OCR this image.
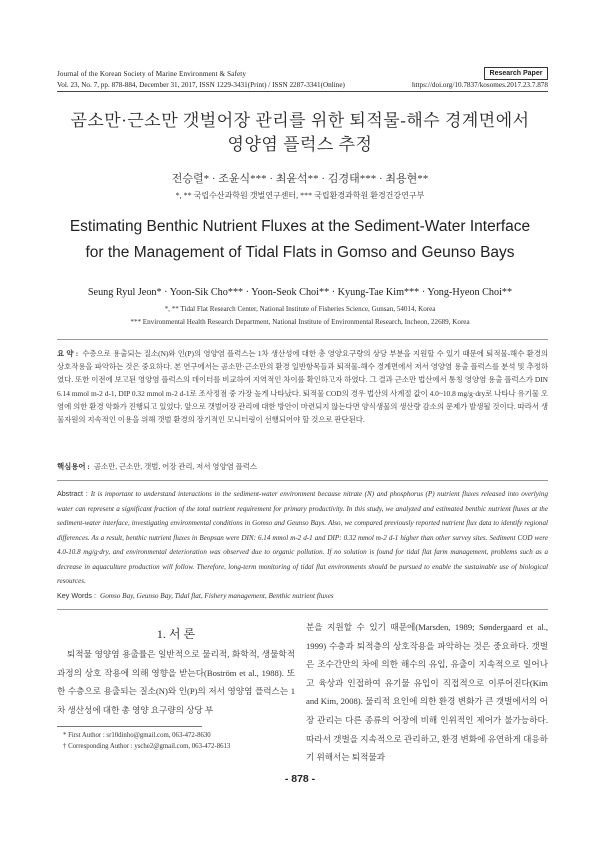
Journal of the Korean Society of Marine Environment & Safety	Research Paper
Vol. 23, No. 7, pp. 878-884, December 31, 2017, ISSN 1229-3431(Print) / ISSN 2287-3341(Online)	https://doi.org/10.7837/kosomes.2017.23.7.878
곰소만·근소만 갯벌어장 관리를 위한 퇴적물-해수 경계면에서
영양염 플럭스 추정
전승렬* · 조윤식*** · 최윤석** · 김경태*** · 최용현**
*, ** 국립수산과학원 갯벌연구센터, *** 국립환경과학원 환경건강연구부
Estimating Benthic Nutrient Fluxes at the Sediment-Water Interface
for the Management of Tidal Flats in Gomso and Geunso Bays
Seung Ryul Jeon* · Yoon-Sik Cho*** · Yoon-Seok Choi** · Kyung-Tae Kim*** · Yong-Hyeon Choi**
*, ** Tidal Flat Research Center, National Institute of Fisheries Science, Gunsan, 54014, Korea
*** Environmental Health Research Department, National Institute of Environmental Research, Incheon, 22689, Korea
요 약 : 수층으로 용출되는 질소(N)와 인(P)의 영양염 플럭스는 1차 생산성에 대한 총 영양요구량의 상당 부분을 지원할 수 있기 때문에 퇴적물-해수 환경의 상호작용을 파악하는 것은 중요하다. 본 연구에서는 곰소만·근소만의 환경 일반항목들과 퇴적물-해수 경계면에서 저서 영양염 용출 플럭스를 분석 및 추정하였다. 또한 이전에 보고된 영양염 플럭스의 데이터를 비교하여 지역적인 차이를 확인하고자 하였다. 그 결과 근소만 법산에서 통칭 영양염 용출 플럭스가 DIN 6.14 mmol m-2 d-1, DIP 0.32 mmol m-2 d-1로 조사정점 중 가장 높게 나타났다. 퇴적물 COD의 경우 법산의 사계절 값이 4.0~10.8 mg/g·dry로 나타나 유기물 오염에 의한 환경 악화가 진행되고 있었다. 앞으로 갯벌어장 관리에 대한 방안이 마련되지 않는다면 양식생물의 생산량 감소의 문제가 발생될 것이다. 따라서 생물자원의 지속적인 이용을 위해 갯벌 환경의 장기적인 모니터링이 선행되어야 할 것으로 판단된다.
핵심용어 : 곰소만, 근소만, 갯벌, 어장 관리, 저서 영양염 플럭스
Abstract : It is important to understand interactions in the sediment-water environment because nitrate (N) and phosphorus (P) nutrient fluxes released into overlying water can represent a significant fraction of the total nutrient requirement for primary productivity. In this study, we analyzed and estimated benthic nutrient fluxes at the sediment-water interface, investigating environmental conditions in Gomso and Geunso Bays. Also, we compared previously reported nutrient flux data to identify regional differences. As a result, benthic nutrient fluxes in Beopsan were DIN: 6.14 mmol m-2 d-1 and DIP: 0.32 mmol m-2 d-1 higher than other survey sites. Sediment COD were 4.0-10.8 mg/g·dry, and environmental deterioration was observed due to organic pollution. If no solution is found for tidal flat farm management, problems such as a decrease in aquaculture production will follow. Therefore, long-term monitoring of tidal flat environments should be pursued to enable the sustainable use of biological resources.
Key Words : Gomso Bay, Geunso Bay, Tidal flat, Fishery management, Benthic nutrient fluxes
1. 서 론
퇴적물 영양염 용출률은 일반적으로 물리적, 화학적, 생물학적 과정의 상호 작용에 의해 영향을 받는다(Boström et al., 1988). 또한 수층으로 용출되는 질소(N)와 인(P)의 저서 영양염 플럭스는 1차 생산성에 대한 총 영양 요구량의 상당 부
분을 지원할 수 있기 때문에(Marsden, 1989; Søndergaard et al., 1999) 수층과 퇴적층의 상호작용을 파악하는 것은 중요하다. 갯벌은 조수간만의 차에 의한 해수의 유입, 유출이 지속적으로 일어나고 육상과 인접하여 유기물 유입이 직접적으로 이루어진다(Kim and Kim, 2008). 물리적 요인에 의한 환경 변화가 큰 갯벌에서의 어장 관리는 다른 종류의 어장에 비해 인위적인 제어가 불가능하다. 따라서 갯벌을 지속적으로 관리하고, 환경 변화에 유연하게 대응하기 위해서는 퇴적물과
* First Author : sr10dinho@gmail.com, 063-472-8630
† Corresponding Author : ysche2@gmail.com, 063-472-8613
- 878 -
